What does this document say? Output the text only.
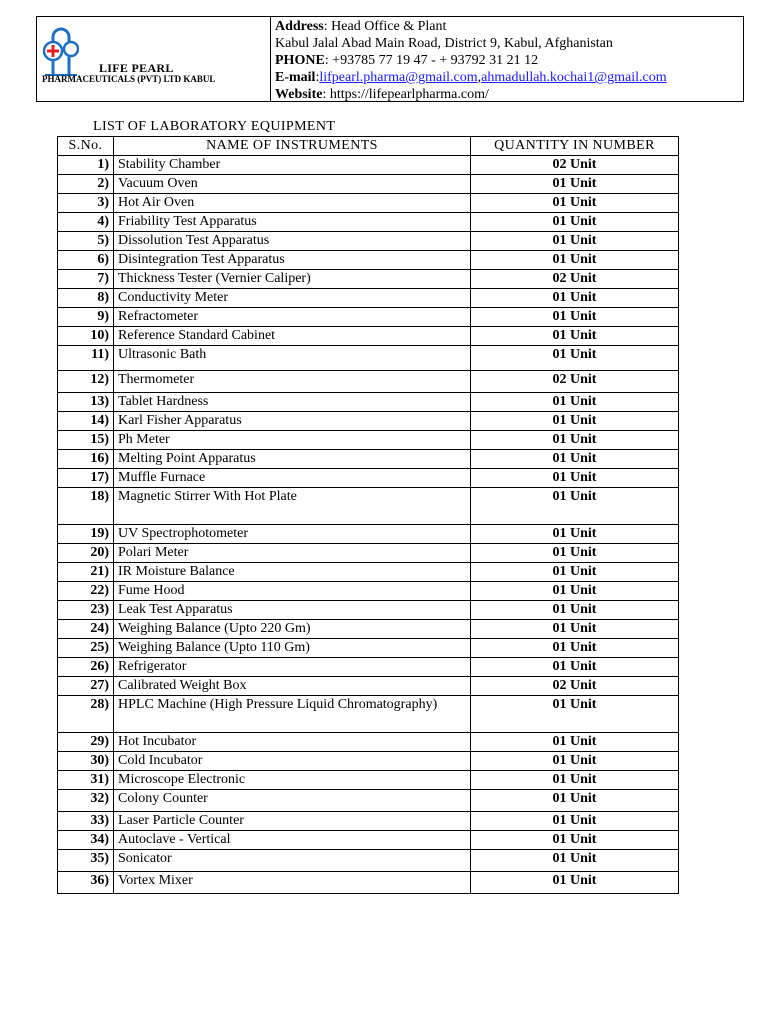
LIFE PEARL
PHARMACEUTICALS (PVT) LTD KABUL
Address: Head Office & Plant
Kabul Jalal Abad Main Road, District 9, Kabul, Afghanistan
PHONE: +93785 77 19 47 - + 93792 31 21 12
E-mail:lifpearl.pharma@gmail.com,ahmadullah.kochai1@gmail.com
Website: https://lifepearlpharma.com/
LIST OF LABORATORY EQUIPMENT
S.No.	NAME OF INSTRUMENTS	QUANTITY IN NUMBER
1)	Stability Chamber	02 Unit
2)	Vacuum Oven	01 Unit
3)	Hot Air Oven	01 Unit
4)	Friability Test Apparatus	01 Unit
5)	Dissolution Test Apparatus	01 Unit
6)	Disintegration Test Apparatus	01 Unit
7)	Thickness Tester (Vernier Caliper)	02 Unit
8)	Conductivity Meter	01 Unit
9)	Refractometer	01 Unit
10)	Reference Standard Cabinet	01 Unit
11)	Ultrasonic Bath	01 Unit
12)	Thermometer	02 Unit
13)	Tablet Hardness	01 Unit
14)	Karl Fisher Apparatus	01 Unit
15)	Ph Meter	01 Unit
16)	Melting Point Apparatus	01 Unit
17)	Muffle Furnace	01 Unit
18)	Magnetic Stirrer With Hot Plate	01 Unit
19)	UV Spectrophotometer	01 Unit
20)	Polari Meter	01 Unit
21)	IR Moisture Balance	01 Unit
22)	Fume Hood	01 Unit
23)	Leak Test Apparatus	01 Unit
24)	Weighing Balance (Upto 220 Gm)	01 Unit
25)	Weighing Balance (Upto 110 Gm)	01 Unit
26)	Refrigerator	01 Unit
27)	Calibrated Weight Box	02 Unit
28)	HPLC Machine (High Pressure Liquid Chromatography)	01 Unit
29)	Hot Incubator	01 Unit
30)	Cold Incubator	01 Unit
31)	Microscope Electronic	01 Unit
32)	Colony Counter	01 Unit
33)	Laser Particle Counter	01 Unit
34)	Autoclave - Vertical	01 Unit
35)	Sonicator	01 Unit
36)	Vortex Mixer	01 Unit
